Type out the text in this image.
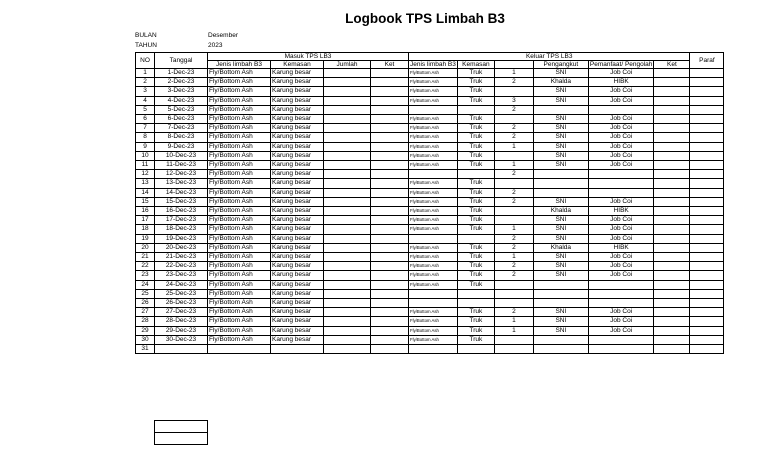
Logbook TPS Limbah B3
BULAN	Desember
TAHUN	2023
NO	Tanggal	Masuk TPS LB3				Keluar TPS LB3						Paraf
		Jenis limbah B3	Kemasan	Jumlah	Ket	Jenis limbah B3	Kemasan		Pengangkut	Pemanfaat/ Pengolah	Ket	
1	1-Dec-23	Fly/Bottom Ash	Karung besar			Fly/Bottom Ash	Truk	1	SNI	Job Coi		
2	2-Dec-23	Fly/Bottom Ash	Karung besar			Fly/Bottom Ash	Truk	2	Khalda	HIBK		
3	3-Dec-23	Fly/Bottom Ash	Karung besar			Fly/Bottom Ash	Truk		SNI	Job Coi		
4	4-Dec-23	Fly/Bottom Ash	Karung besar			Fly/Bottom Ash	Truk	3	SNI	Job Coi		
5	5-Dec-23	Fly/Bottom Ash	Karung besar					2				
6	6-Dec-23	Fly/Bottom Ash	Karung besar			Fly/Bottom Ash	Truk		SNI	Job Coi		
7	7-Dec-23	Fly/Bottom Ash	Karung besar			Fly/Bottom Ash	Truk	2	SNI	Job Coi		
8	8-Dec-23	Fly/Bottom Ash	Karung besar			Fly/Bottom Ash	Truk	2	SNI	Job Coi		
9	9-Dec-23	Fly/Bottom Ash	Karung besar			Fly/Bottom Ash	Truk	1	SNI	Job Coi		
10	10-Dec-23	Fly/Bottom Ash	Karung besar			Fly/Bottom Ash	Truk		SNI	Job Coi		
11	11-Dec-23	Fly/Bottom Ash	Karung besar			Fly/Bottom Ash	Truk	1	SNI	Job Coi		
12	12-Dec-23	Fly/Bottom Ash	Karung besar					2				
13	13-Dec-23	Fly/Bottom Ash	Karung besar			Fly/Bottom Ash	Truk					
14	14-Dec-23	Fly/Bottom Ash	Karung besar			Fly/Bottom Ash	Truk	2				
15	15-Dec-23	Fly/Bottom Ash	Karung besar			Fly/Bottom Ash	Truk	2	SNI	Job Coi		
16	16-Dec-23	Fly/Bottom Ash	Karung besar			Fly/Bottom Ash	Truk		Khalda	HIBK		
17	17-Dec-23	Fly/Bottom Ash	Karung besar			Fly/Bottom Ash	Truk		SNI	Job Coi		
18	18-Dec-23	Fly/Bottom Ash	Karung besar			Fly/Bottom Ash	Truk	1	SNI	Job Coi		
19	19-Dec-23	Fly/Bottom Ash	Karung besar					2	SNI	Job Coi		
20	20-Dec-23	Fly/Bottom Ash	Karung besar			Fly/Bottom Ash	Truk	2	Khalda	HIBK		
21	21-Dec-23	Fly/Bottom Ash	Karung besar			Fly/Bottom Ash	Truk	1	SNI	Job Coi		
22	22-Dec-23	Fly/Bottom Ash	Karung besar			Fly/Bottom Ash	Truk	2	SNI	Job Coi		
23	23-Dec-23	Fly/Bottom Ash	Karung besar			Fly/Bottom Ash	Truk	2	SNI	Job Coi		
24	24-Dec-23	Fly/Bottom Ash	Karung besar			Fly/Bottom Ash	Truk					
25	25-Dec-23	Fly/Bottom Ash	Karung besar									
26	26-Dec-23	Fly/Bottom Ash	Karung besar									
27	27-Dec-23	Fly/Bottom Ash	Karung besar			Fly/Bottom Ash	Truk	2	SNI	Job Coi		
28	28-Dec-23	Fly/Bottom Ash	Karung besar			Fly/Bottom Ash	Truk	1	SNI	Job Coi		
29	29-Dec-23	Fly/Bottom Ash	Karung besar			Fly/Bottom Ash	Truk	1	SNI	Job Coi		
30	30-Dec-23	Fly/Bottom Ash	Karung besar			Fly/Bottom Ash	Truk					
31												
